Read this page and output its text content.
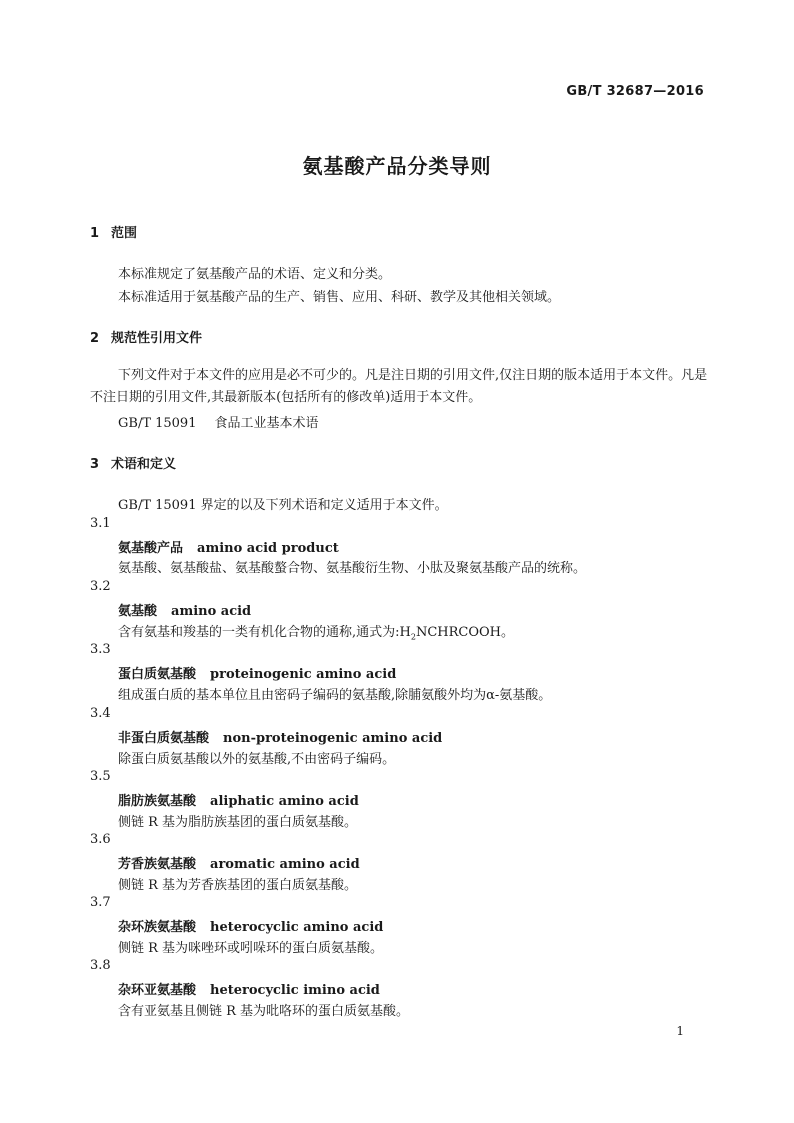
GB/T 32687—2016
氨基酸产品分类导则
1 范围
本标准规定了氨基酸产品的术语、定义和分类。
本标准适用于氨基酸产品的生产、销售、应用、科研、教学及其他相关领域。
2 规范性引用文件
下列文件对于本文件的应用是必不可少的。凡是注日期的引用文件,仅注日期的版本适用于本文件。凡是不注日期的引用文件,其最新版本(包括所有的修改单)适用于本文件。
GB/T 15091 食品工业基本术语
3 术语和定义
GB/T 15091 界定的以及下列术语和定义适用于本文件。
3.1
氨基酸产品 amino acid product
氨基酸、氨基酸盐、氨基酸螯合物、氨基酸衍生物、小肽及聚氨基酸产品的统称。
3.2
氨基酸 amino acid
含有氨基和羧基的一类有机化合物的通称,通式为$:H_2NCHRCOOH$。
3.3
蛋白质氨基酸 proteinogenic amino acid
组成蛋白质的基本单位且由密码子编码的氨基酸,除脯氨酸外均为α-氨基酸。
3.4
非蛋白质氨基酸 non-proteinogenic amino acid
除蛋白质氨基酸以外的氨基酸,不由密码子编码。
3.5
脂肪族氨基酸 aliphatic amino acid
侧链 R 基为脂肪族基团的蛋白质氨基酸。
3.6
芳香族氨基酸 aromatic amino acid
侧链 R 基为芳香族基团的蛋白质氨基酸。
3.7
杂环族氨基酸 heterocyclic amino acid
侧链 R 基为咪唑环或吲哚环的蛋白质氨基酸。
3.8
杂环亚氨基酸 heterocyclic imino acid
含有亚氨基且侧链 R 基为吡咯环的蛋白质氨基酸。
1
